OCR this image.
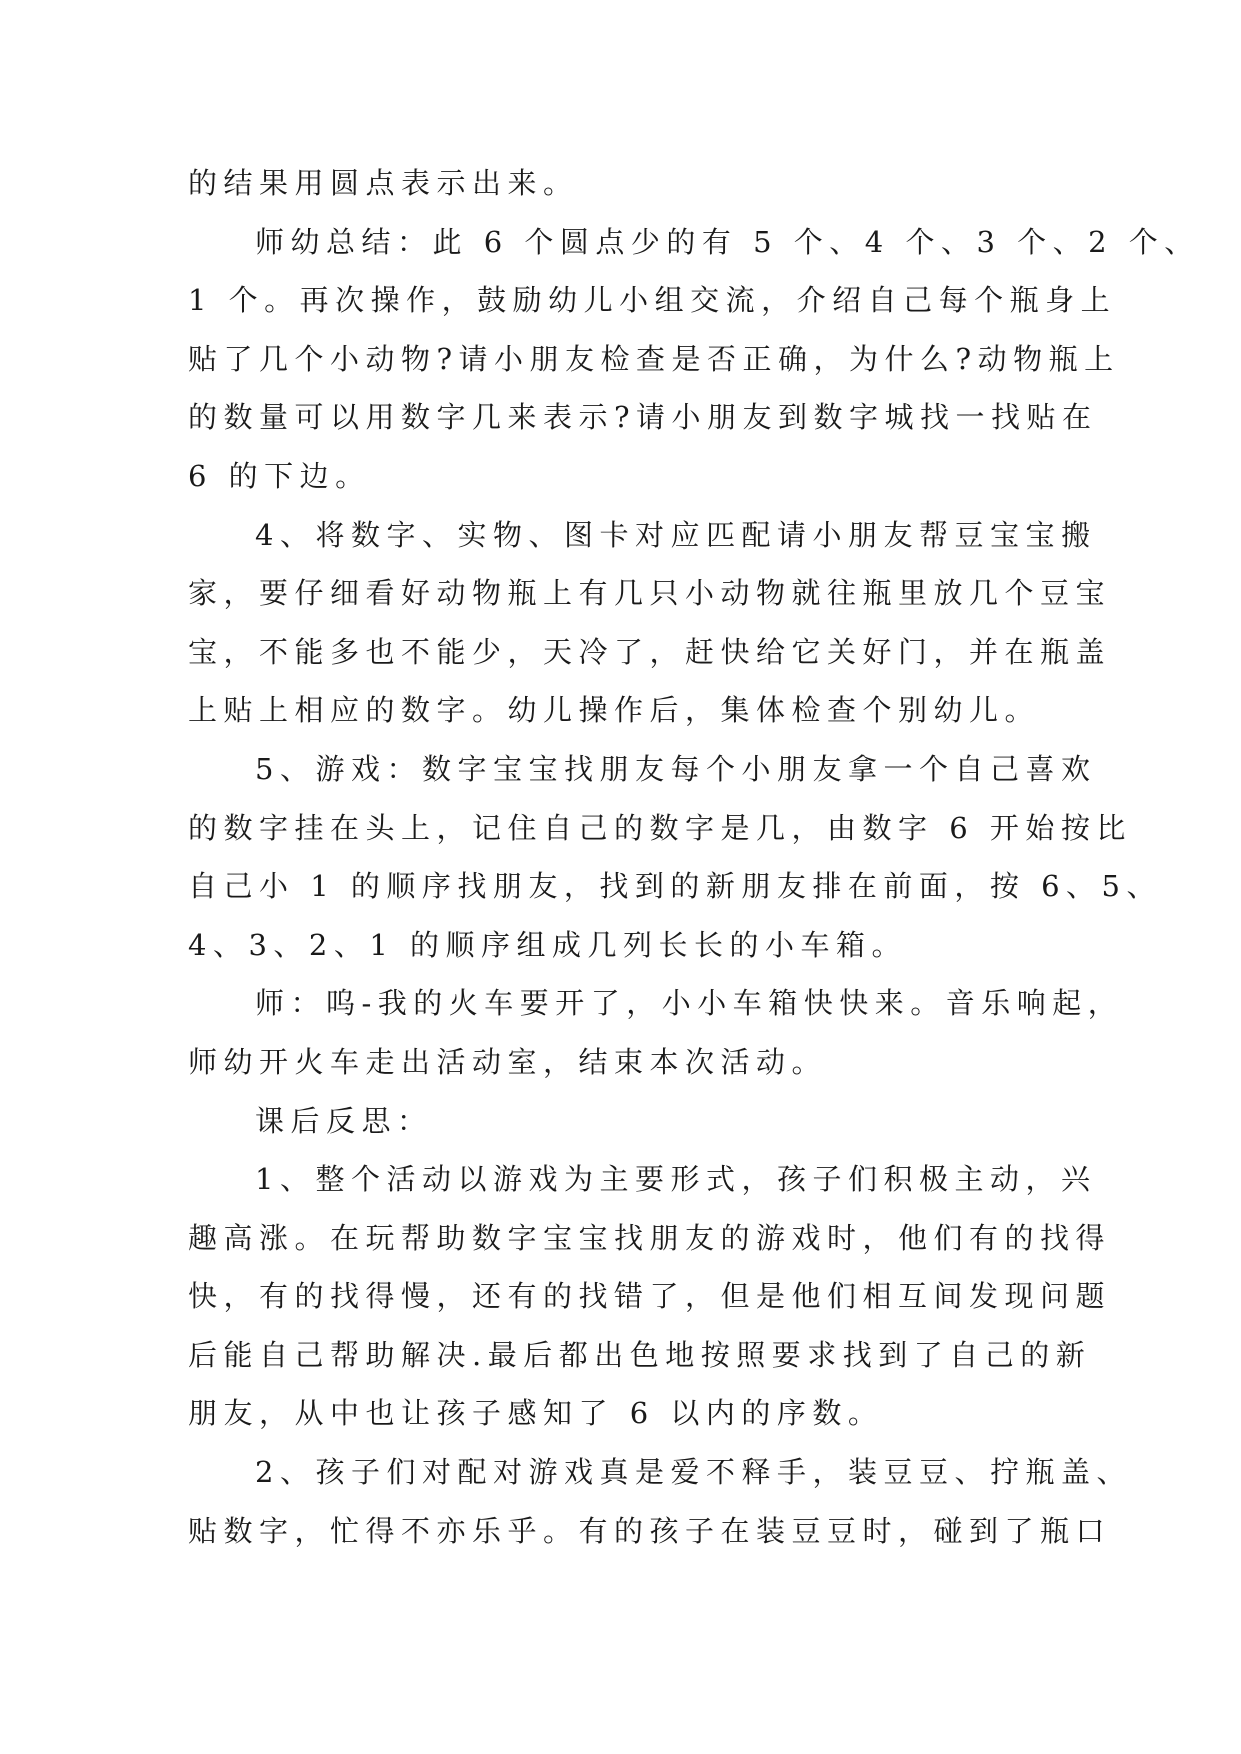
的结果用圆点表示出来。

师幼总结：此 6 个圆点少的有 5 个、4 个、3 个、2 个、
1 个。再次操作，鼓励幼儿小组交流，介绍自己每个瓶身上
贴了几个小动物?请小朋友检查是否正确，为什么?动物瓶上
的数量可以用数字几来表示?请小朋友到数字城找一找贴在
6 的下边。

4、将数字、实物、图卡对应匹配请小朋友帮豆宝宝搬
家，要仔细看好动物瓶上有几只小动物就往瓶里放几个豆宝
宝，不能多也不能少，天冷了，赶快给它关好门，并在瓶盖
上贴上相应的数字。幼儿操作后，集体检查个别幼儿。

5、游戏：数字宝宝找朋友每个小朋友拿一个自己喜欢
的数字挂在头上，记住自己的数字是几，由数字 6 开始按比
自己小 1 的顺序找朋友，找到的新朋友排在前面，按 6、5、
4、3、2、1 的顺序组成几列长长的小车箱。

师：呜-我的火车要开了，小小车箱快快来。音乐响起，
师幼开火车走出活动室，结束本次活动。

课后反思：

1、整个活动以游戏为主要形式，孩子们积极主动，兴
趣高涨。在玩帮助数字宝宝找朋友的游戏时，他们有的找得
快，有的找得慢，还有的找错了，但是他们相互间发现问题
后能自己帮助解决.最后都出色地按照要求找到了自己的新
朋友，从中也让孩子感知了 6 以内的序数。

2、孩子们对配对游戏真是爱不释手，装豆豆、拧瓶盖、
贴数字，忙得不亦乐乎。有的孩子在装豆豆时，碰到了瓶口
